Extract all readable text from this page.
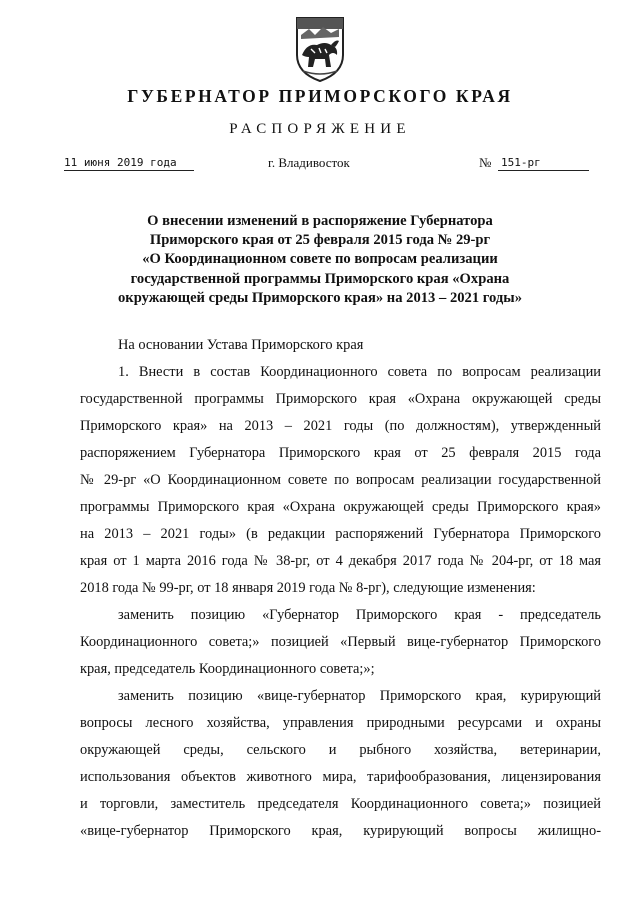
ГУБЕРНАТОР ПРИМОРСКОГО КРАЯ
РАСПОРЯЖЕНИЕ
11 июня 2019 года	г. Владивосток	№ 151-рг
О внесении изменений в распоряжение Губернатора
Приморского края от 25 февраля 2015 года № 29-рг
«О Координационном совете по вопросам реализации
государственной программы Приморского края «Охрана
окружающей среды Приморского края» на 2013 – 2021 годы»
На основании Устава Приморского края
1. Внести в состав Координационного совета по вопросам реализации
государственной программы Приморского края «Охрана окружающей среды
Приморского края» на 2013 – 2021 годы (по должностям), утвержденный
распоряжением Губернатора Приморского края от 25 февраля 2015 года
№ 29-рг «О Координационном совете по вопросам реализации государственной
программы Приморского края «Охрана окружающей среды Приморского края»
на 2013 – 2021 годы» (в редакции распоряжений Губернатора Приморского
края от 1 марта 2016 года № 38-рг, от 4 декабря 2017 года № 204-рг, от 18 мая
2018 года № 99-рг, от 18 января 2019 года № 8-рг), следующие изменения:
заменить позицию «Губернатор Приморского края - председатель
Координационного совета;» позицией «Первый вице-губернатор Приморского
края, председатель Координационного совета;»;
заменить позицию «вице-губернатор Приморского края, курирующий
вопросы лесного хозяйства, управления природными ресурсами и охраны
окружающей среды, сельского и рыбного хозяйства, ветеринарии,
использования объектов животного мира, тарифообразования, лицензирования
и торговли, заместитель председателя Координационного совета;» позицией
«вице-губернатор Приморского края, курирующий вопросы жилищно-
